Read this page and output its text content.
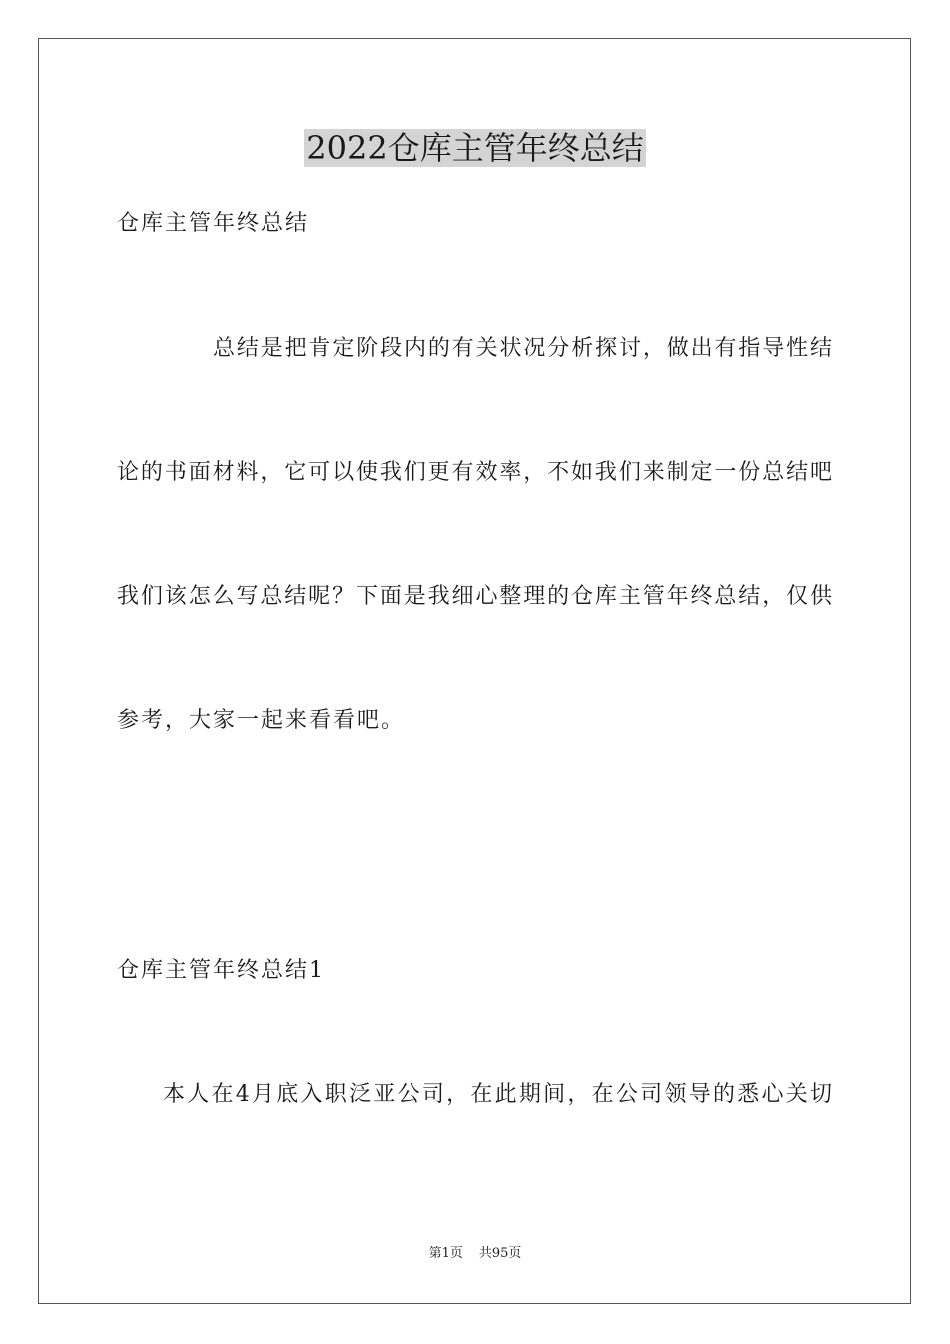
2022仓库主管年终总结
仓库主管年终总结
总结是把肯定阶段内的有关状况分析探讨，做出有指导性结
论的书面材料，它可以使我们更有效率，不如我们来制定一份总结吧
我们该怎么写总结呢？下面是我细心整理的仓库主管年终总结，仅供
参考，大家一起来看看吧。
仓库主管年终总结1
本人在4月底入职泛亚公司，在此期间，在公司领导的悉心关切
第1页 共95页
